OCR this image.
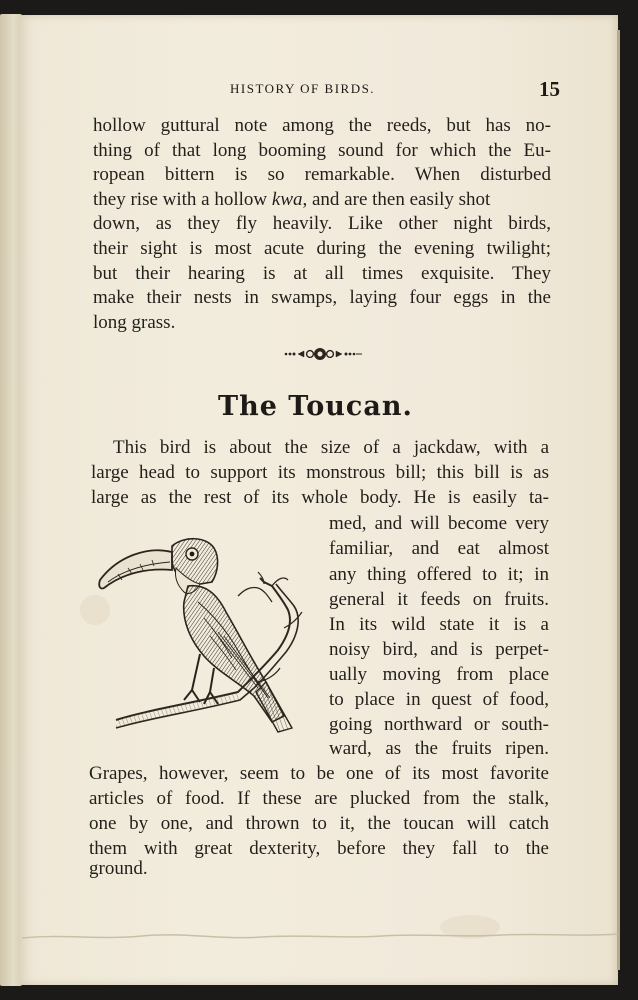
HISTORY OF BIRDS.	15

hollow guttural note among the reeds, but has no-

thing of that long booming sound for which the Eu-

ropean bittern is so remarkable. When disturbed

they rise with a hollow kwa, and are then easily shot

down, as they fly heavily. Like other night birds,

their sight is most acute during the evening twilight;

but their hearing is at all times exquisite. They

make their nests in swamps, laying four eggs in the

long grass.

The Toucan.

This bird is about the size of a jackdaw, with a

large head to support its monstrous bill; this bill is as

large as the rest of its whole body. He is easily ta-

med, and will become very

familiar, and eat almost

any thing offered to it; in

general it feeds on fruits.

In its wild state it is a

noisy bird, and is perpet-

ually moving from place

to place in quest of food,

going northward or south-

ward, as the fruits ripen.

Grapes, however, seem to be one of its most favorite

articles of food. If these are plucked from the stalk,

one by one, and thrown to it, the toucan will catch

them with great dexterity, before they fall to the

ground.
